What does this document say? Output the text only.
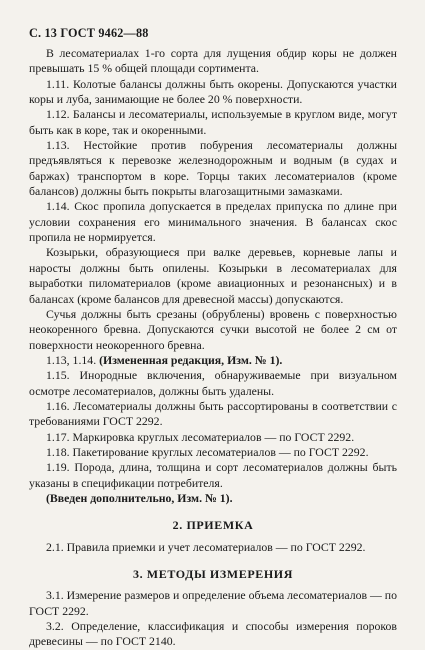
С. 13 ГОСТ 9462—88

В лесоматериалах 1-го сорта для лущения обдир коры не должен превышать 15 % общей площади сортимента.

1.11. Колотые балансы должны быть окорены. Допускаются участки коры и луба, занимающие не более 20 % поверхности.

1.12. Балансы и лесоматериалы, используемые в круглом виде, могут быть как в коре, так и окоренными.

1.13. Нестойкие против побурения лесоматериалы должны предъявляться к перевозке железнодорожным и водным (в судах и баржах) транспортом в коре. Торцы таких лесоматериалов (кроме балансов) должны быть покрыты влагозащитными замазками.

1.14. Скос пропила допускается в пределах припуска по длине при условии сохранения его минимального значения. В балансах скос пропила не нормируется.

Козырьки, образующиеся при валке деревьев, корневые лапы и наросты должны быть опилены. Козырьки в лесоматериалах для выработки пиломатериалов (кроме авиационных и резонансных) и в балансах (кроме балансов для древесной массы) допускаются.

Сучья должны быть срезаны (обрублены) вровень с поверхностью неокоренного бревна. Допускаются сучки высотой не более 2 см от поверхности неокоренного бревна.

1.13, 1.14. (Измененная редакция, Изм. № 1).

1.15. Инородные включения, обнаруживаемые при визуальном осмотре лесоматериалов, должны быть удалены.

1.16. Лесоматериалы должны быть рассортированы в соответствии с требованиями ГОСТ 2292.

1.17. Маркировка круглых лесоматериалов — по ГОСТ 2292.

1.18. Пакетирование круглых лесоматериалов — по ГОСТ 2292.

1.19. Порода, длина, толщина и сорт лесоматериалов должны быть указаны в спецификации потребителя.

(Введен дополнительно, Изм. № 1).

2. ПРИЕМКА

2.1. Правила приемки и учет лесоматериалов — по ГОСТ 2292.

3. МЕТОДЫ ИЗМЕРЕНИЯ

3.1. Измерение размеров и определение объема лесоматериалов — по ГОСТ 2292.

3.2. Определение, классификация и способы измерения пороков древесины — по ГОСТ 2140.
